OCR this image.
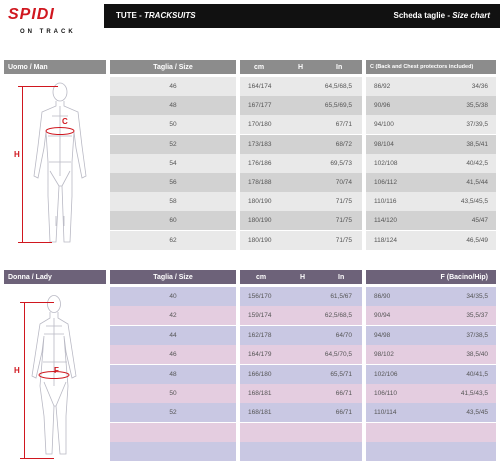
SPIDI
ON TRACK
TUTE - TRACKSUITS	Scheda taglie - Size chart
Uomo / Man	Taglia / Size	cm	H	In	C (Back and Chest protectors included)
H
C
46	164/174	64,5/68,5	86/92	34/36
48	167/177	65,5/69,5	90/96	35,5/38
50	170/180	67/71	94/100	37/39,5
52	173/183	68/72	98/104	38,5/41
54	176/186	69,5/73	102/108	40/42,5
56	178/188	70/74	106/112	41,5/44
58	180/190	71/75	110/116	43,5/45,5
60	180/190	71/75	114/120	45/47
62	180/190	71/75	118/124	46,5/49
Donna / Lady	Taglia / Size	cm	H	In	F (Bacino/Hip)
H	F
40	156/170	61,5/67	86/90	34/35,5
42	159/174	62,5/68,5	90/94	35,5/37
44	162/178	64/70	94/98	37/38,5
46	164/179	64,5/70,5	98/102	38,5/40
48	166/180	65,5/71	102/106	40/41,5
50	168/181	66/71	106/110	41,5/43,5
52	168/181	66/71	110/114	43,5/45
